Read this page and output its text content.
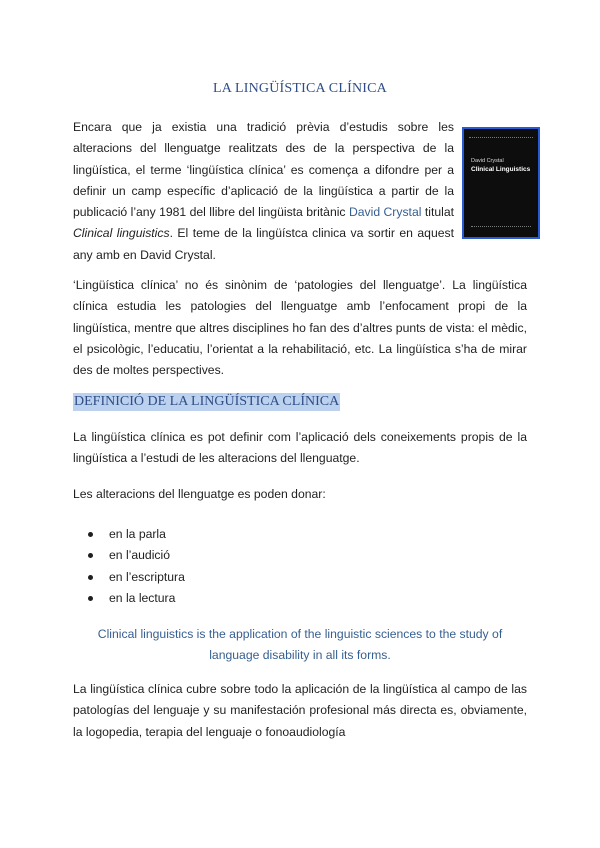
LA LINGÜÍSTICA CLÍNICA

Encara que ja existia una tradició prèvia d’estudis sobre les alteracions del llenguatge realitzats des de la perspectiva de la lingüística, el terme ‘lingüística clínica’ es comença a difondre per a definir un camp específic d’aplicació de la lingüística a partir de la publicació l’any 1981 del llibre del lingüista britànic David Crystal titulat Clinical linguistics. El teme de la lingüístca clinica va sortir en aquest any amb en David Crystal.

David Crystal
Clinical Linguistics

‘Lingüística clínica’ no és sinònim de ‘patologies del llenguatge’. La lingüística clínica estudia les patologies del llenguatge amb l’enfocament propi de la lingüística, mentre que altres disciplines ho fan des d’altres punts de vista: el mèdic, el psicològic, l’educatiu, l’orientat a la rehabilitació, etc. La lingüística s’ha de mirar des de moltes perspectives.

DEFINICIÓ DE LA LINGÜÍSTICA CLÍNICA

La lingüística clínica es pot definir com l’aplicació dels coneixements propis de la lingüística a l’estudi de les alteracions del llenguatge.

Les alteracions del llenguatge es poden donar:

en la parla
en l’audició
en l’escriptura
en la lectura

Clinical linguistics is the application of the linguistic sciences to the study of language disability in all its forms.

La lingüística clínica cubre sobre todo la aplicación de la lingüística al campo de las patologías del lenguaje y su manifestación profesional más directa es, obviamente, la logopedia, terapia del lenguaje o fonoaudiología
